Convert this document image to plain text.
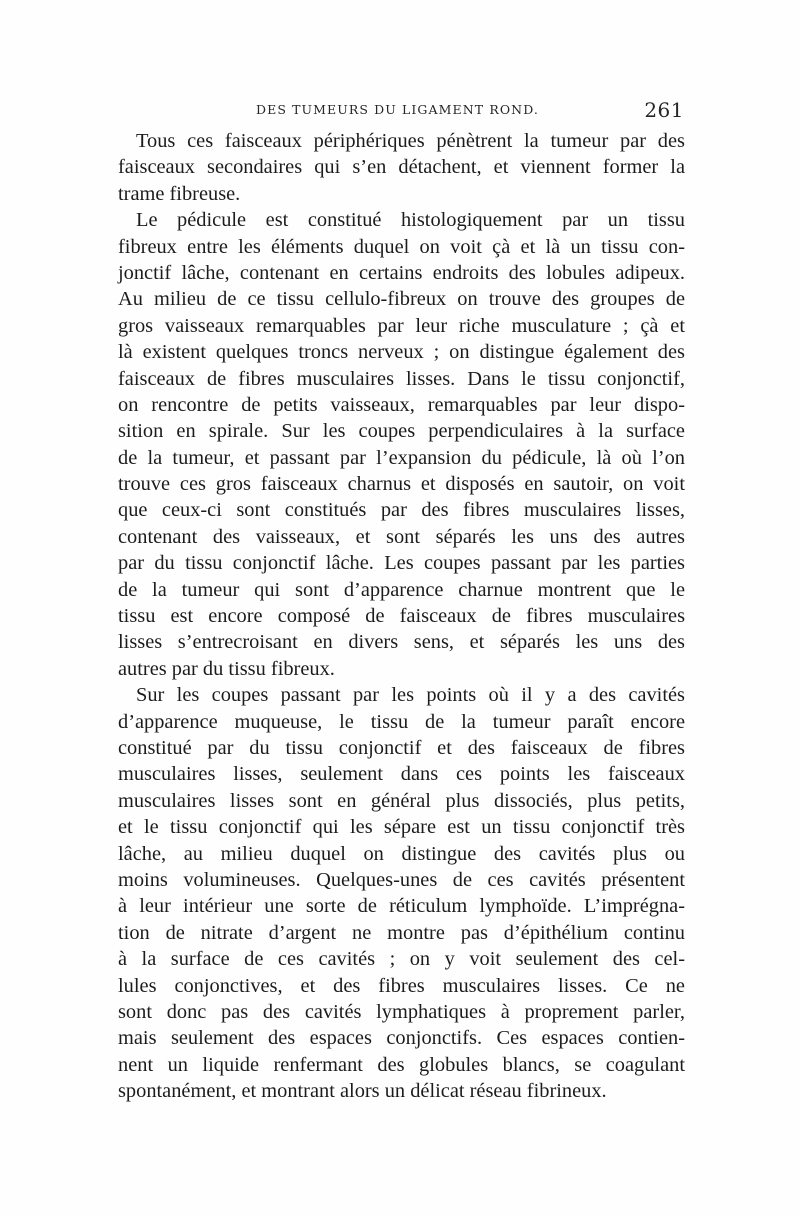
DES TUMEURS DU LIGAMENT ROND.	261
Tous ces faisceaux périphériques pénètrent la tumeur par des
faisceaux secondaires qui s’en détachent, et viennent former la
trame fibreuse.
Le pédicule est constitué histologiquement par un tissu
fibreux entre les éléments duquel on voit çà et là un tissu con-
jonctif lâche, contenant en certains endroits des lobules adipeux.
Au milieu de ce tissu cellulo-fibreux on trouve des groupes de
gros vaisseaux remarquables par leur riche musculature ; çà et
là existent quelques troncs nerveux ; on distingue également des
faisceaux de fibres musculaires lisses. Dans le tissu conjonctif,
on rencontre de petits vaisseaux, remarquables par leur dispo-
sition en spirale. Sur les coupes perpendiculaires à la surface
de la tumeur, et passant par l’expansion du pédicule, là où l’on
trouve ces gros faisceaux charnus et disposés en sautoir, on voit
que ceux-ci sont constitués par des fibres musculaires lisses,
contenant des vaisseaux, et sont séparés les uns des autres
par du tissu conjonctif lâche. Les coupes passant par les parties
de la tumeur qui sont d’apparence charnue montrent que le
tissu est encore composé de faisceaux de fibres musculaires
lisses s’entrecroisant en divers sens, et séparés les uns des
autres par du tissu fibreux.
Sur les coupes passant par les points où il y a des cavités
d’apparence muqueuse, le tissu de la tumeur paraît encore
constitué par du tissu conjonctif et des faisceaux de fibres
musculaires lisses, seulement dans ces points les faisceaux
musculaires lisses sont en général plus dissociés, plus petits,
et le tissu conjonctif qui les sépare est un tissu conjonctif très
lâche, au milieu duquel on distingue des cavités plus ou
moins volumineuses. Quelques-unes de ces cavités présentent
à leur intérieur une sorte de réticulum lymphoïde. L’imprégna-
tion de nitrate d’argent ne montre pas d’épithélium continu
à la surface de ces cavités ; on y voit seulement des cel-
lules conjonctives, et des fibres musculaires lisses. Ce ne
sont donc pas des cavités lymphatiques à proprement parler,
mais seulement des espaces conjonctifs. Ces espaces contien-
nent un liquide renfermant des globules blancs, se coagulant
spontanément, et montrant alors un délicat réseau fibrineux.
